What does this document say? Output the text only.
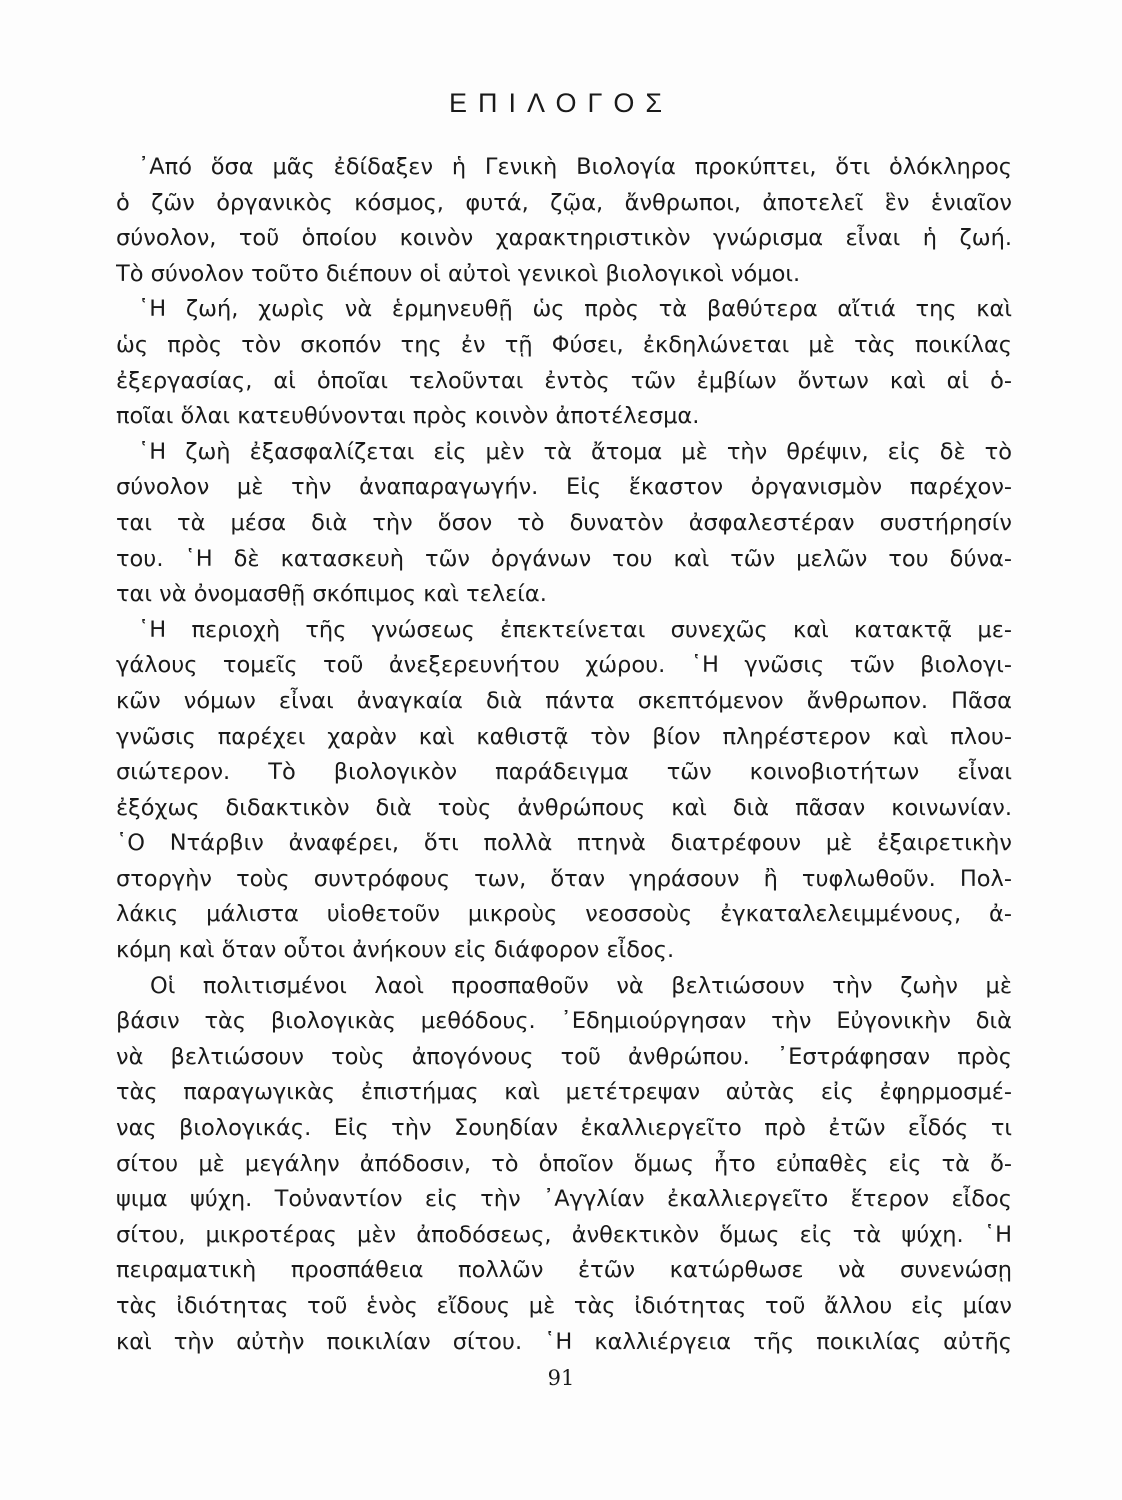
ΕΠΙΛΟΓΟΣ
᾿Από ὅσα μᾶς ἐδίδαξεν ἡ Γενικὴ Βιολογία προκύπτει, ὅτι ὁλόκληρος
ὁ ζῶν ὀργανικὸς κόσμος, φυτά, ζῷα, ἄνθρωποι, ἀποτελεῖ ἓν ἑνιαῖον
σύνολον, τοῦ ὁποίου κοινὸν χαρακτηριστικὸν γνώρισμα εἶναι ἡ ζωή.
Τὸ σύνολον τοῦτο διέπουν οἱ αὐτοὶ γενικοὶ βιολογικοὶ νόμοι.
῾Η ζωή, χωρὶς νὰ ἑρμηνευθῇ ὡς πρὸς τὰ βαθύτερα αἴτιά της καὶ
ὡς πρὸς τὸν σκοπόν της ἐν τῇ Φύσει, ἐκδηλώνεται μὲ τὰς ποικίλας
ἐξεργασίας, αἱ ὁποῖαι τελοῦνται ἐντὸς τῶν ἐμβίων ὄντων καὶ αἱ ὁ-
ποῖαι ὅλαι κατευθύνονται πρὸς κοινὸν ἀποτέλεσμα.
῾Η ζωὴ ἐξασφαλίζεται εἰς μὲν τὰ ἄτομα μὲ τὴν θρέψιν, εἰς δὲ τὸ
σύνολον μὲ τὴν ἀναπαραγωγήν. Εἰς ἕκαστον ὀργανισμὸν παρέχον-
ται τὰ μέσα διὰ τὴν ὅσον τὸ δυνατὸν ἀσφαλεστέραν συστήρησίν
του. ῾Η δὲ κατασκευὴ τῶν ὀργάνων του καὶ τῶν μελῶν του δύνα-
ται νὰ ὀνομασθῇ σκόπιμος καὶ τελεία.
῾Η περιοχὴ τῆς γνώσεως ἐπεκτείνεται συνεχῶς καὶ κατακτᾷ με-
γάλους τομεῖς τοῦ ἀνεξερευνήτου χώρου. ῾Η γνῶσις τῶν βιολογι-
κῶν νόμων εἶναι ἀναγκαία διὰ πάντα σκεπτόμενον ἄνθρωπον. Πᾶσα
γνῶσις παρέχει χαρὰν καὶ καθιστᾷ τὸν βίον πληρέστερον καὶ πλου-
σιώτερον. Τὸ βιολογικὸν παράδειγμα τῶν κοινοβιοτήτων εἶναι
ἐξόχως διδακτικὸν διὰ τοὺς ἀνθρώπους καὶ διὰ πᾶσαν κοινωνίαν.
῾Ο Ντάρβιν ἀναφέρει, ὅτι πολλὰ πτηνὰ διατρέφουν μὲ ἐξαιρετικὴν
στοργὴν τοὺς συντρόφους των, ὅταν γηράσουν ἢ τυφλωθοῦν. Πολ-
λάκις μάλιστα υἱοθετοῦν μικροὺς νεοσσοὺς ἐγκαταλελειμμένους, ἀ-
κόμη καὶ ὅταν οὗτοι ἀνήκουν εἰς διάφορον εἶδος.
Οἱ πολιτισμένοι λαοὶ προσπαθοῦν νὰ βελτιώσουν τὴν ζωὴν μὲ
βάσιν τὰς βιολογικὰς μεθόδους. ᾿Εδημιούργησαν τὴν Εὐγονικὴν διὰ
νὰ βελτιώσουν τοὺς ἀπογόνους τοῦ ἀνθρώπου. ᾿Εστράφησαν πρὸς
τὰς παραγωγικὰς ἐπιστήμας καὶ μετέτρεψαν αὐτὰς εἰς ἐφηρμοσμέ-
νας βιολογικάς. Εἰς τὴν Σουηδίαν ἐκαλλιεργεῖτο πρὸ ἐτῶν εἶδός τι
σίτου μὲ μεγάλην ἀπόδοσιν, τὸ ὁποῖον ὅμως ἦτο εὐπαθὲς εἰς τὰ ὄ-
ψιμα ψύχη. Τοὐναντίον εἰς τὴν ᾿Αγγλίαν ἐκαλλιεργεῖτο ἕτερον εἶδος
σίτου, μικροτέρας μὲν ἀποδόσεως, ἀνθεκτικὸν ὅμως εἰς τὰ ψύχη. ῾Η
πειραματικὴ προσπάθεια πολλῶν ἐτῶν κατώρθωσε νὰ συνενώσῃ
τὰς ἰδιότητας τοῦ ἑνὸς εἴδους μὲ τὰς ἰδιότητας τοῦ ἄλλου εἰς μίαν
καὶ τὴν αὐτὴν ποικιλίαν σίτου. ῾Η καλλιέργεια τῆς ποικιλίας αὐτῆς
91
